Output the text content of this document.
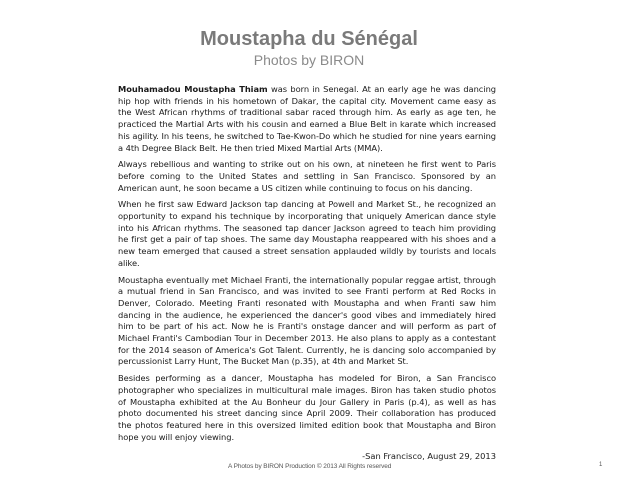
Moustapha du Sénégal
Photos by BIRON

Mouhamadou Moustapha Thiam was born in Senegal. At an early age he was dancing hip hop with friends in his hometown of Dakar, the capital city. Movement came easy as the West African rhythms of traditional sabar raced through him. As early as age ten, he practiced the Martial Arts with his cousin and earned a Blue Belt in karate which increased his agility. In his teens, he switched to Tae-Kwon-Do which he studied for nine years earning a 4th Degree Black Belt. He then tried Mixed Martial Arts (MMA).

Always rebellious and wanting to strike out on his own, at nineteen he first went to Paris before coming to the United States and settling in San Francisco. Sponsored by an American aunt, he soon became a US citizen while continuing to focus on his dancing.

When he first saw Edward Jackson tap dancing at Powell and Market St., he recognized an opportunity to expand his technique by incorporating that uniquely American dance style into his African rhythms. The seasoned tap dancer Jackson agreed to teach him providing he first get a pair of tap shoes. The same day Moustapha reappeared with his shoes and a new team emerged that caused a street sensation applauded wildly by tourists and locals alike.

Moustapha eventually met Michael Franti, the internationally popular reggae artist, through a mutual friend in San Francisco, and was invited to see Franti perform at Red Rocks in Denver, Colorado. Meeting Franti resonated with Moustapha and when Franti saw him dancing in the audience, he experienced the dancer's good vibes and immediately hired him to be part of his act. Now he is Franti's onstage dancer and will perform as part of Michael Franti's Cambodian Tour in December 2013. He also plans to apply as a contestant for the 2014 season of America's Got Talent. Currently, he is dancing solo accompanied by percussionist Larry Hunt, The Bucket Man (p.35), at 4th and Market St.

Besides performing as a dancer, Moustapha has modeled for Biron, a San Francisco photographer who specializes in multicultural male images. Biron has taken studio photos of Moustapha exhibited at the Au Bonheur du Jour Gallery in Paris (p.4), as well as has photo documented his street dancing since April 2009. Their collaboration has produced the photos featured here in this oversized limited edition book that Moustapha and Biron hope you will enjoy viewing.

-San Francisco, August 29, 2013
A Photos by BIRON Production © 2013 All Rights reserved	1
